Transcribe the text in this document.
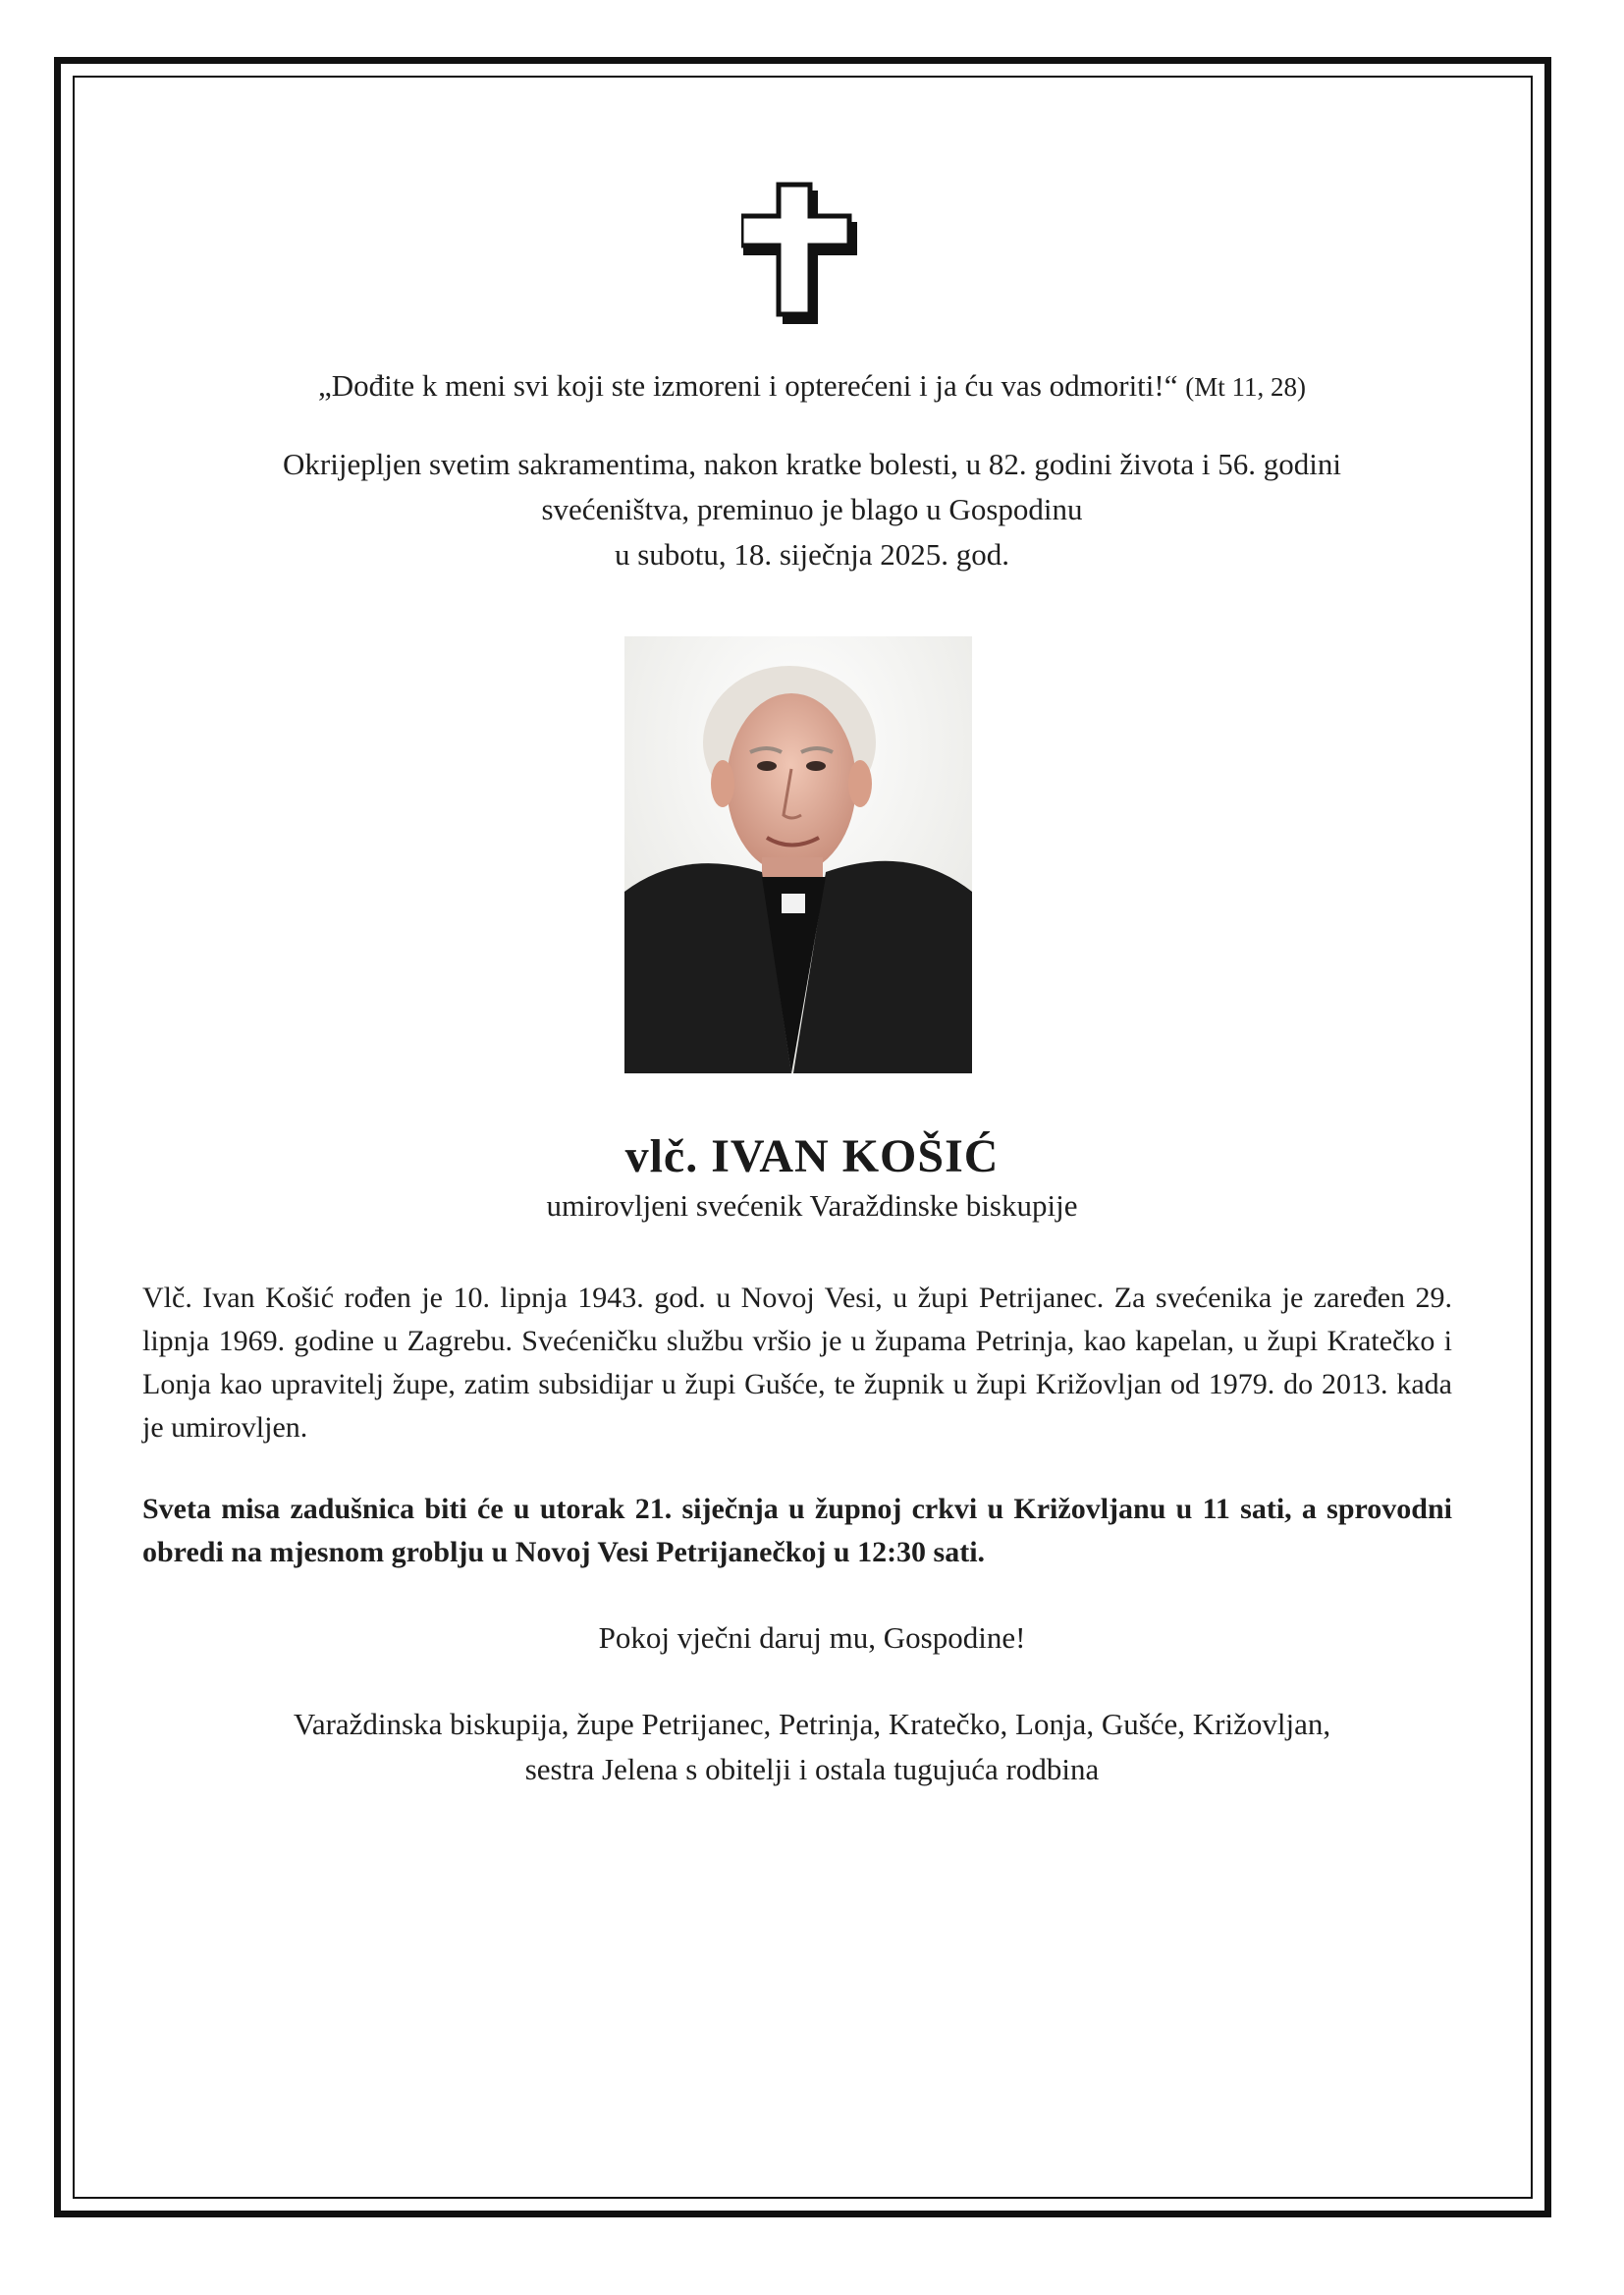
„Dođite k meni svi koji ste izmoreni i opterećeni i ja ću vas odmoriti!“ (Mt 11, 28)
Okrijepljen svetim sakramentima, nakon kratke bolesti, u 82. godini života i 56. godini
svećeništva, preminuo je blago u Gospodinu
u subotu, 18. siječnja 2025. god.
vlč. IVAN KOŠIĆ
umirovljeni svećenik Varaždinske biskupije
Vlč. Ivan Košić rođen je 10. lipnja 1943. god. u Novoj Vesi, u župi Petrijanec. Za svećenika je zaređen 29. lipnja 1969. godine u Zagrebu. Svećeničku službu vršio je u župama Petrinja, kao kapelan, u župi Kratečko i Lonja kao upravitelj župe, zatim subsidijar u župi Gušće, te župnik u župi Križovljan od 1979. do 2013. kada je umirovljen.
Sveta misa zadušnica biti će u utorak 21. siječnja u župnoj crkvi u Križovljanu u 11 sati, a sprovodni obredi na mjesnom groblju u Novoj Vesi Petrijanečkoj u 12:30 sati.
Pokoj vječni daruj mu, Gospodine!
Varaždinska biskupija, župe Petrijanec, Petrinja, Kratečko, Lonja, Gušće, Križovljan,
sestra Jelena s obitelji i ostala tugujuća rodbina
